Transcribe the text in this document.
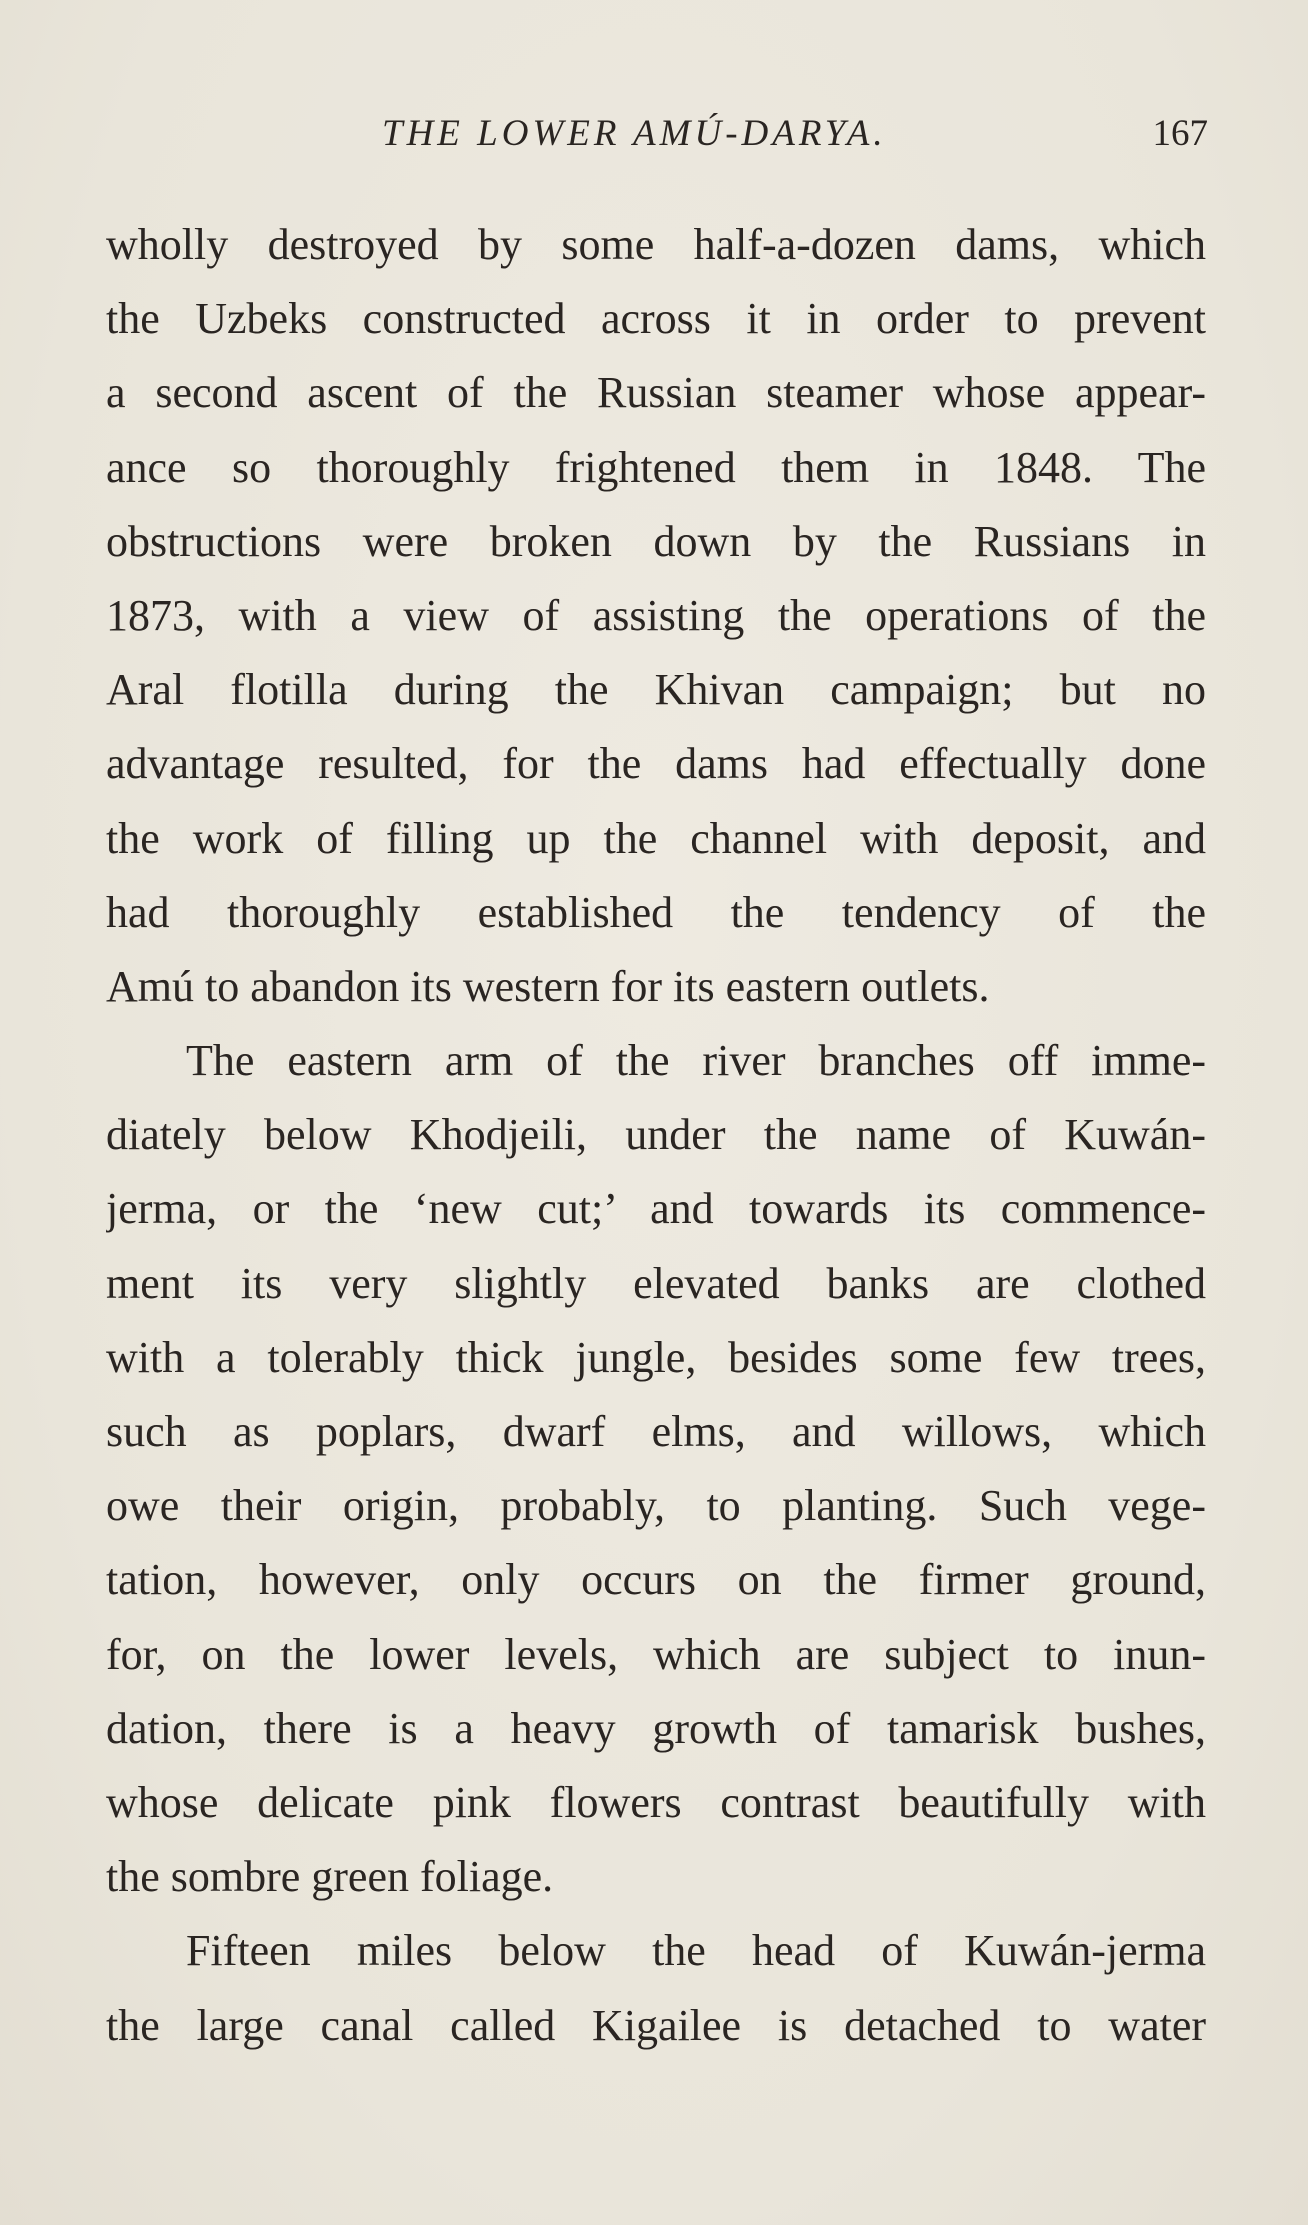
THE LOWER AMÚ-DARYA.	167
wholly destroyed by some half-a-dozen dams, which
the Uzbeks constructed across it in order to prevent
a second ascent of the Russian steamer whose appear-
ance so thoroughly frightened them in 1848. The
obstructions were broken down by the Russians in
1873, with a view of assisting the operations of the
Aral flotilla during the Khivan campaign; but no
advantage resulted, for the dams had effectually done
the work of filling up the channel with deposit, and
had thoroughly established the tendency of the
Amú to abandon its western for its eastern outlets.
The eastern arm of the river branches off imme-
diately below Khodjeili, under the name of Kuwán-
jerma, or the ‘new cut;’ and towards its commence-
ment its very slightly elevated banks are clothed
with a tolerably thick jungle, besides some few trees,
such as poplars, dwarf elms, and willows, which
owe their origin, probably, to planting. Such vege-
tation, however, only occurs on the firmer ground,
for, on the lower levels, which are subject to inun-
dation, there is a heavy growth of tamarisk bushes,
whose delicate pink flowers contrast beautifully with
the sombre green foliage.
Fifteen miles below the head of Kuwán-jerma
the large canal called Kigailee is detached to water
